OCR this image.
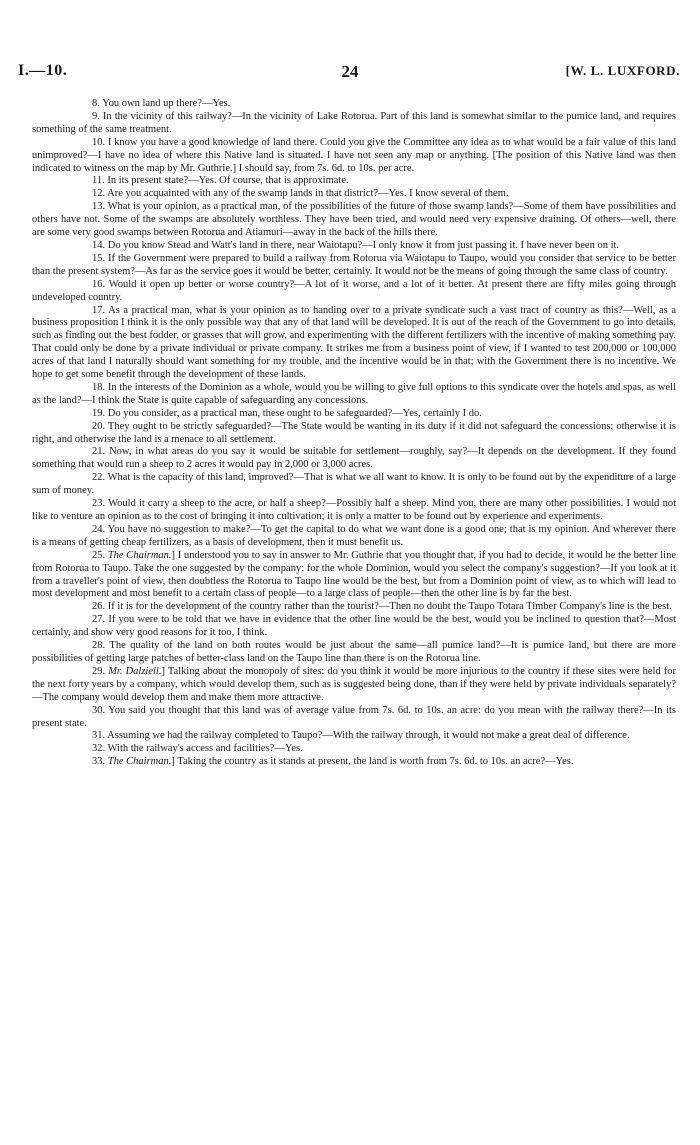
I.—10.	24	[W. L. LUXFORD.

8. You own land up there?—Yes.

9. In the vicinity of this railway?—In the vicinity of Lake Rotorua. Part of this land is somewhat similar to the pumice land, and requires something of the same treatment.

10. I know you have a good knowledge of land there. Could you give the Committee any idea as to what would be a fair value of this land unimproved?—I have no idea of where this Native land is situated. I have not seen any map or anything. [The position of this Native land was then indicated to witness on the map by Mr. Guthrie.] I should say, from 7s. 6d. to 10s. per acre.

11. In its present state?—Yes. Of course, that is approximate.

12. Are you acquainted with any of the swamp lands in that district?—Yes. I know several of them.

13. What is your opinion, as a practical man, of the possibilities of the future of those swamp lands?—Some of them have possibilities and others have not. Some of the swamps are absolutely worthless. They have been tried, and would need very expensive draining. Of others—well, there are some very good swamps between Rotorua and Atiamuri—away in the back of the hills there.

14. Do you know Stead and Watt's land in there, near Waiotapu?—I only know it from just passing it. I have never been on it.

15. If the Government were prepared to build a railway from Rotorua via Waiotapu to Taupo, would you consider that service to be better than the present system?—As far as the service goes it would be better, certainly. It would not be the means of going through the same class of country.

16. Would it open up better or worse country?—A lot of it worse, and a lot of it better. At present there are fifty miles going through undeveloped country.

17. As a practical man, what is your opinion as to handing over to a private syndicate such a vast tract of country as this?—Well, as a business proposition I think it is the only possible way that any of that land will be developed. It is out of the reach of the Government to go into details, such as finding out the best fodder, or grasses that will grow, and experimenting with the different fertilizers with the incentive of making something pay. That could only be done by a private individual or private company. It strikes me from a business point of view, if I wanted to test 200,000 or 100,000 acres of that land I naturally should want something for my trouble, and the incentive would be in that; with the Government there is no incentive. We hope to get some benefit through the development of these lands.

18. In the interests of the Dominion as a whole, would you be willing to give full options to this syndicate over the hotels and spas, as well as the land?—I think the State is quite capable of safeguarding any concessions.

19. Do you consider, as a practical man, these ought to be safeguarded?—Yes, certainly I do.

20. They ought to be strictly safeguarded?—The State would be wanting in its duty if it did not safeguard the concessions; otherwise it is right, and otherwise the land is a menace to all settlement.

21. Now, in what areas do you say it would be suitable for settlement—roughly, say?—It depends on the development. If they found something that would run a sheep to 2 acres it would pay in 2,000 or 3,000 acres.

22. What is the capacity of this land, improved?—That is what we all want to know. It is only to be found out by the expenditure of a large sum of money.

23. Would it carry a sheep to the acre, or half a sheep?—Possibly half a sheep. Mind you, there are many other possibilities. I would not like to venture an opinion as to the cost of bringing it into cultivation; it is only a matter to be found out by experience and experiments.

24. You have no suggestion to make?—To get the capital to do what we want done is a good one; that is my opinion. And wherever there is a means of getting cheap fertilizers, as a basis of development, then it must benefit us.

25. The Chairman.] I understood you to say in answer to Mr. Guthrie that you thought that, if you had to decide, it would be the better line from Rotorua to Taupo. Take the one suggested by the company: for the whole Dominion, would you select the company's suggestion?—If you look at it from a traveller's point of view, then doubtless the Rotorua to Taupo line would be the best, but from a Dominion point of view, as to which will lead to most development and most benefit to a certain class of people—to a large class of people—then the other line is by far the best.

26. If it is for the development of the country rather than the tourist?—Then no doubt the Taupo Totara Timber Company's line is the best.

27. If you were to be told that we have in evidence that the other line would be the best, would you be inclined to question that?—Most certainly, and show very good reasons for it too, I think.

28. The quality of the land on both routes would be just about the same—all pumice land?—It is pumice land, but there are more possibilities of getting large patches of better-class land on the Taupo line than there is on the Rotorua line.

29. Mr. Dalziell.] Talking about the monopoly of sites: do you think it would be more injurious to the country if these sites were held for the next forty years by a company, which would develop them, such as is suggested being done, than if they were held by private individuals separately?—The company would develop them and make them more attractive.

30. You said you thought that this land was of average value from 7s. 6d. to 10s. an acre: do you mean with the railway there?—In its present state.

31. Assuming we had the railway completed to Taupo?—With the railway through, it would not make a great deal of difference.

32. With the railway's access and facilities?—Yes.

33. The Chairman.] Taking the country as it stands at present, the land is worth from 7s. 6d. to 10s. an acre?—Yes.
